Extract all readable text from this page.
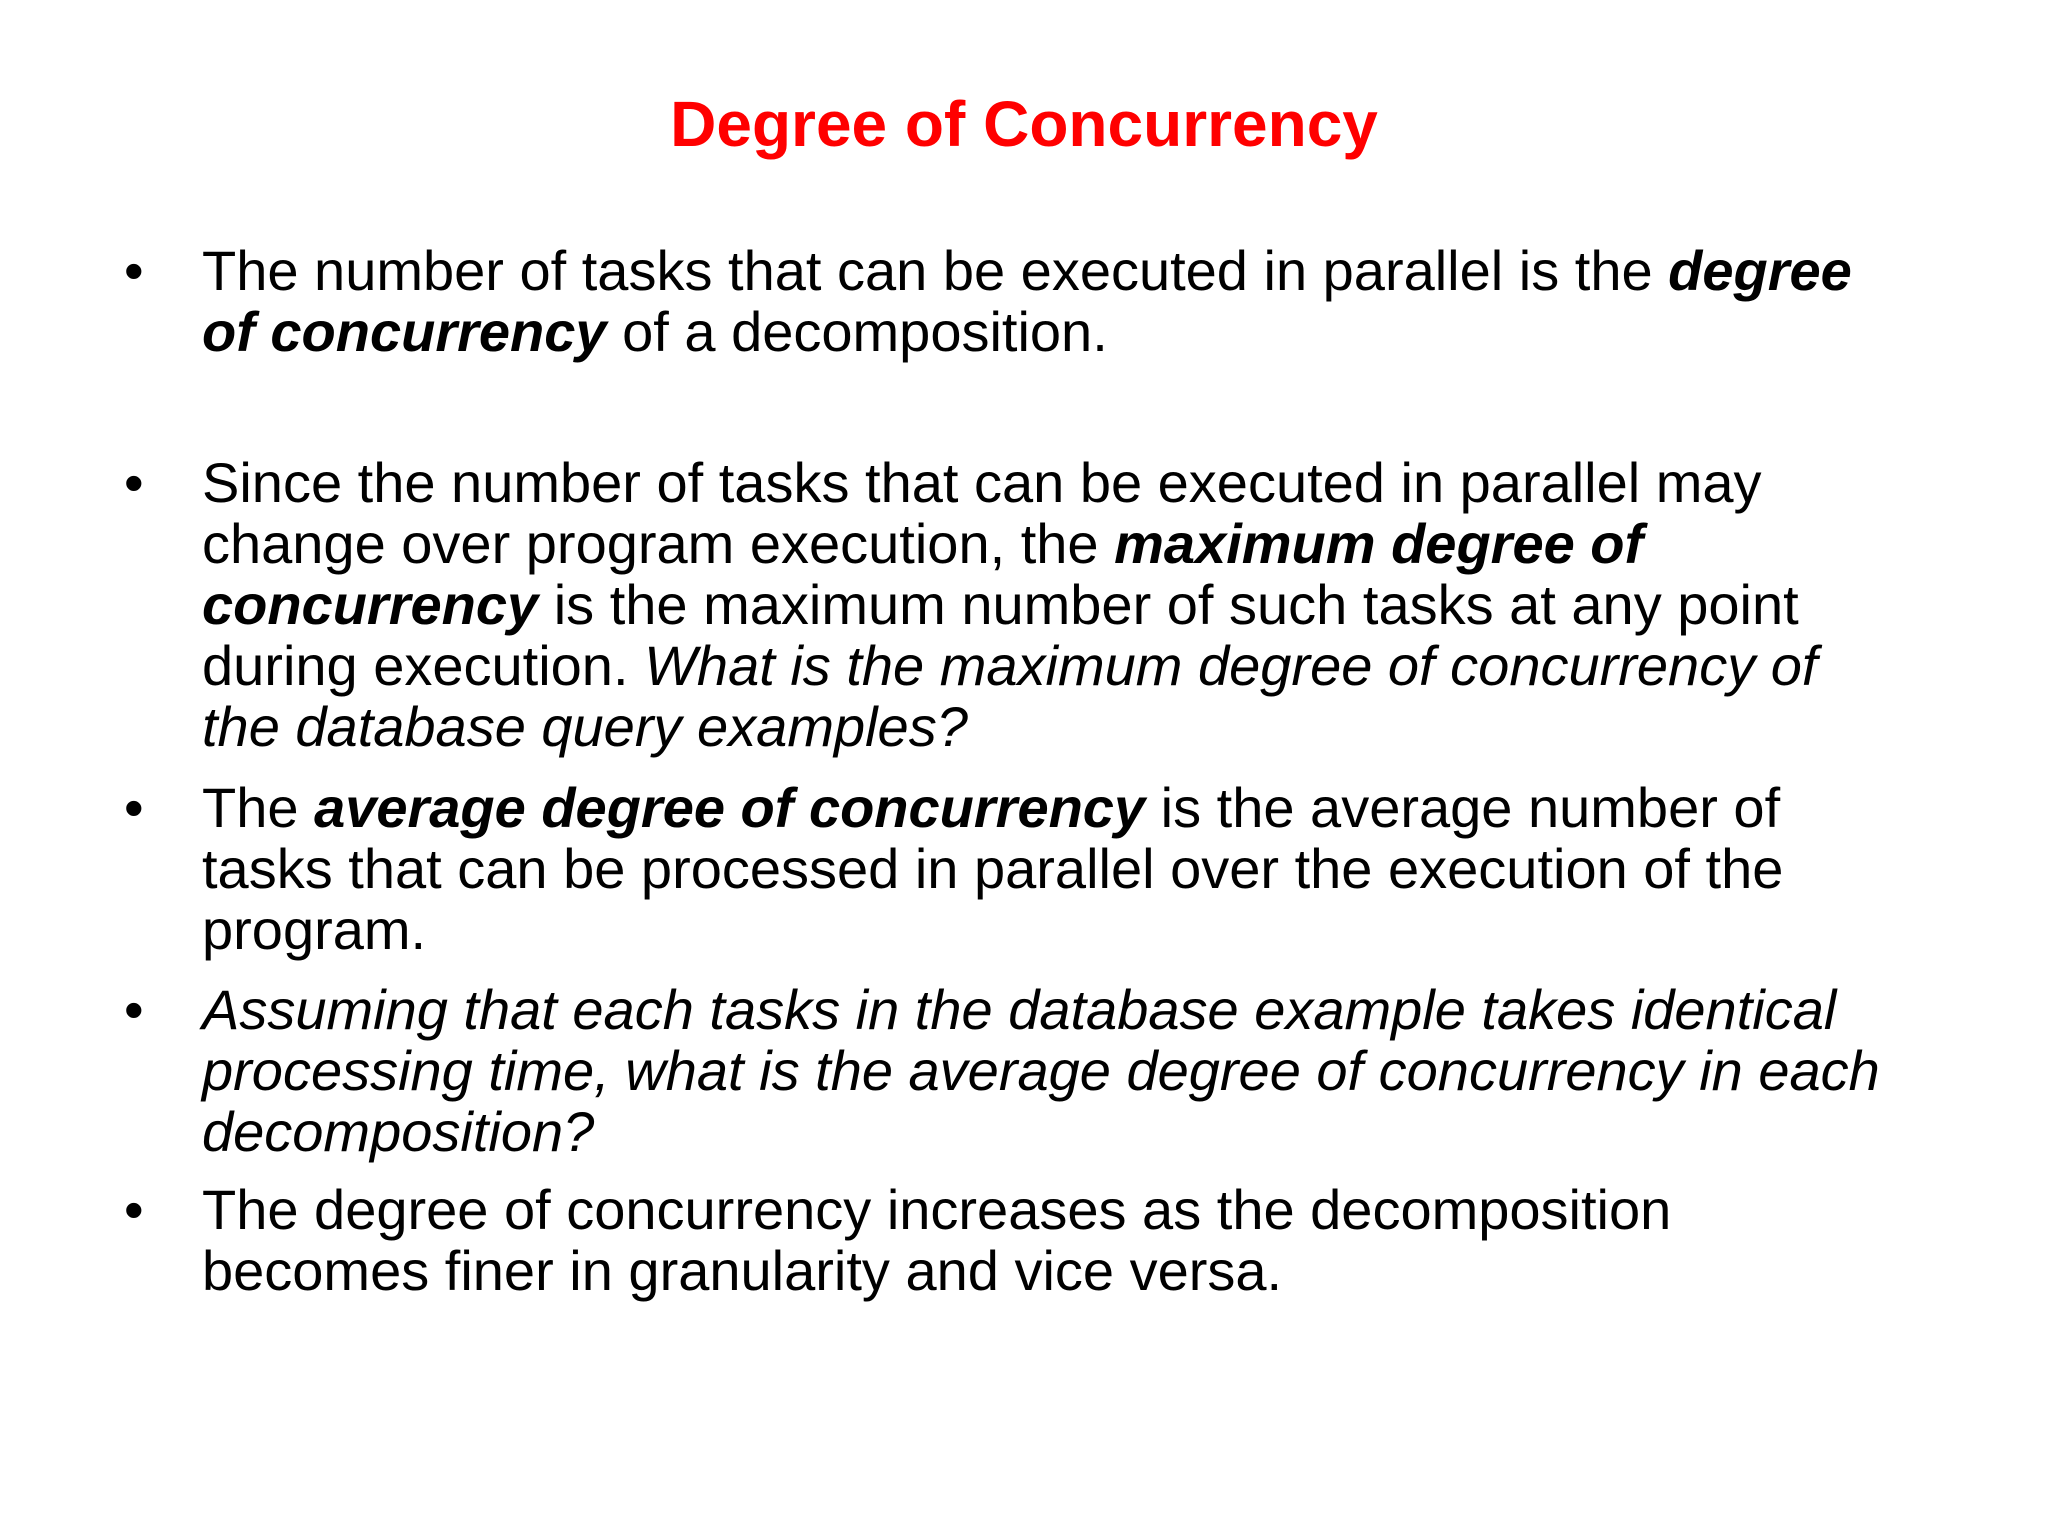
Degree of Concurrency
• The number of tasks that can be executed in parallel is the degree
of concurrency of a decomposition.
• Since the number of tasks that can be executed in parallel may
change over program execution, the maximum degree of
concurrency is the maximum number of such tasks at any point
during execution. What is the maximum degree of concurrency of
the database query examples?
• The average degree of concurrency is the average number of
tasks that can be processed in parallel over the execution of the
program.
• Assuming that each tasks in the database example takes identical
processing time, what is the average degree of concurrency in each
decomposition?
• The degree of concurrency increases as the decomposition
becomes finer in granularity and vice versa.
